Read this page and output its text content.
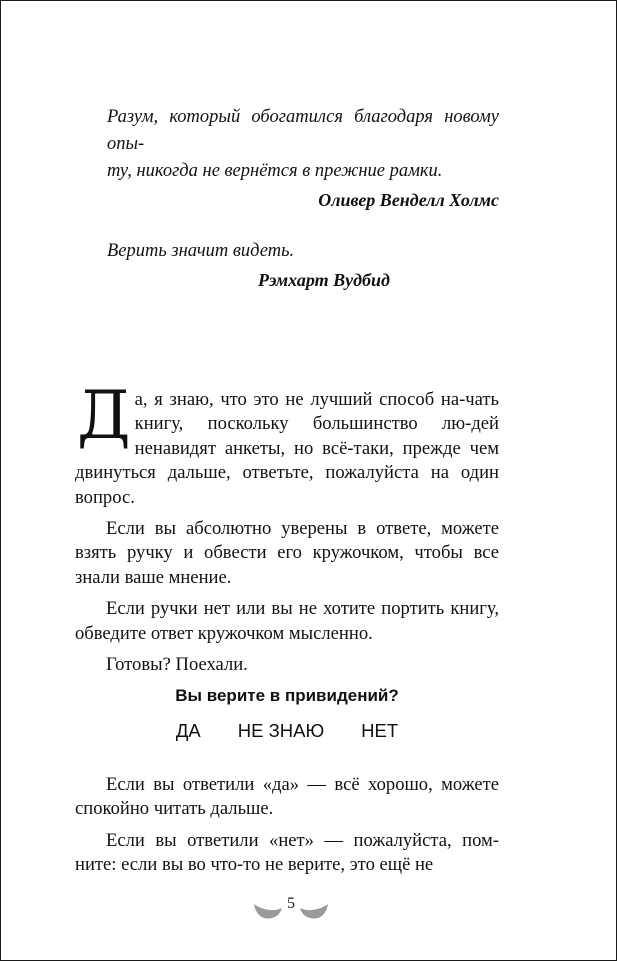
Разум, который обогатился благодаря новому опы-
ту, никогда не вернётся в прежние рамки.

Оливер Венделл Холмс

Верить значит видеть.

Рэмхарт Вудбид

Да, я знаю, что это не лучший способ на-чать книгу, поскольку большинство лю-дей ненавидят анкеты, но всё-таки, прежде чем двинуться дальше, ответьте, пожалуйста на один вопрос.

Если вы абсолютно уверены в ответе, можете взять ручку и обвести его кружочком, чтобы все знали ваше мнение.

Если ручки нет или вы не хотите портить книгу, обведите ответ кружочком мысленно.

Готовы? Поехали.

Вы верите в привидений?

ДА НЕ ЗНАЮ НЕТ

Если вы ответили «да» — всё хорошо, можете спокойно читать дальше.

Если вы ответили «нет» — пожалуйста, пом-ните: если вы во что-то не верите, это ещё не

5
